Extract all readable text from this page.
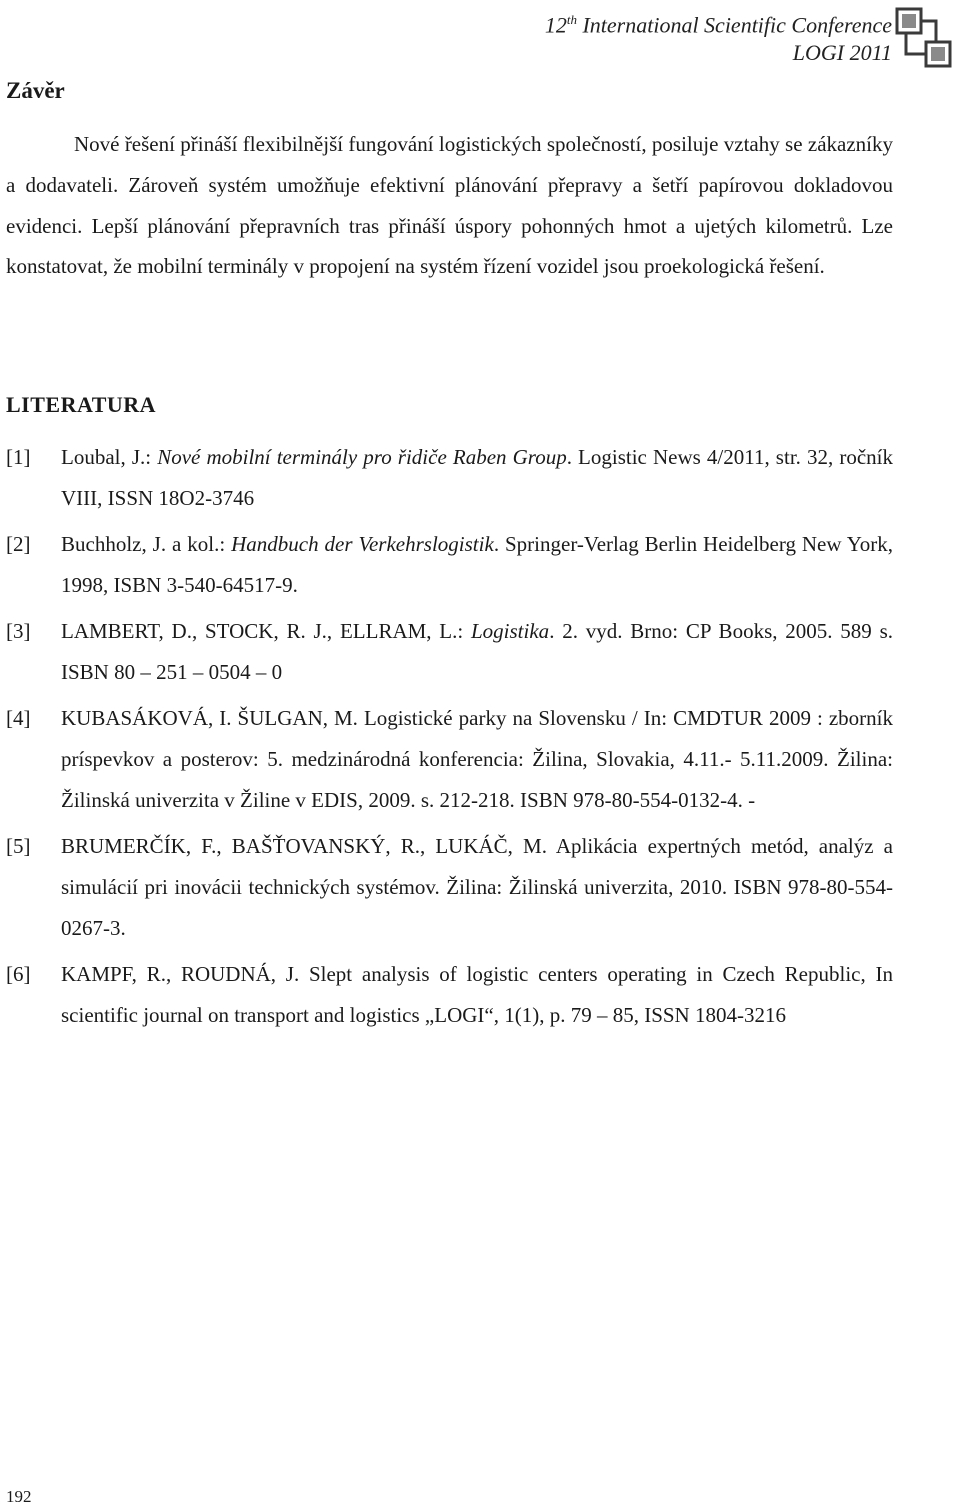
12th International Scientific Conference
LOGI 2011
Závěr
Nové řešení přináší flexibilnější fungování logistických společností, posiluje vztahy se zákazníky a dodavateli. Zároveň systém umožňuje efektivní plánování přepravy a šetří papírovou dokladovou evidenci. Lepší plánování přepravních tras přináší úspory pohonných hmot a ujetých kilometrů. Lze konstatovat, že mobilní terminály v propojení na systém řízení vozidel jsou proekologická řešení.
LITERATURA
[1] Loubal, J.: Nové mobilní terminály pro řidiče Raben Group. Logistic News 4/2011, str. 32, ročník VIII, ISSN 18O2-3746
[2] Buchholz, J. a kol.: Handbuch der Verkehrslogistik. Springer-Verlag Berlin Heidelberg New York, 1998, ISBN 3-540-64517-9.
[3] LAMBERT, D., STOCK, R. J., ELLRAM, L.: Logistika. 2. vyd. Brno: CP Books, 2005. 589 s. ISBN 80 – 251 – 0504 – 0
[4] KUBASÁKOVÁ, I. ŠULGAN, M. Logistické parky na Slovensku / In: CMDTUR 2009 : zborník príspevkov a posterov: 5. medzinárodná konferencia: Žilina, Slovakia, 4.11.- 5.11.2009. Žilina: Žilinská univerzita v Žiline v EDIS, 2009. s. 212-218. ISBN 978-80-554-0132-4. -
[5] BRUMERČÍK, F., BAŠŤOVANSKÝ, R., LUKÁČ, M. Aplikácia expertných metód, analýz a simulácií pri inovácii technických systémov. Žilina: Žilinská univerzita, 2010. ISBN 978-80-554-0267-3.
[6] KAMPF, R., ROUDNÁ, J. Slept analysis of logistic centers operating in Czech Republic, In scientific journal on transport and logistics „LOGI“, 1(1), p. 79 – 85, ISSN 1804-3216
192
